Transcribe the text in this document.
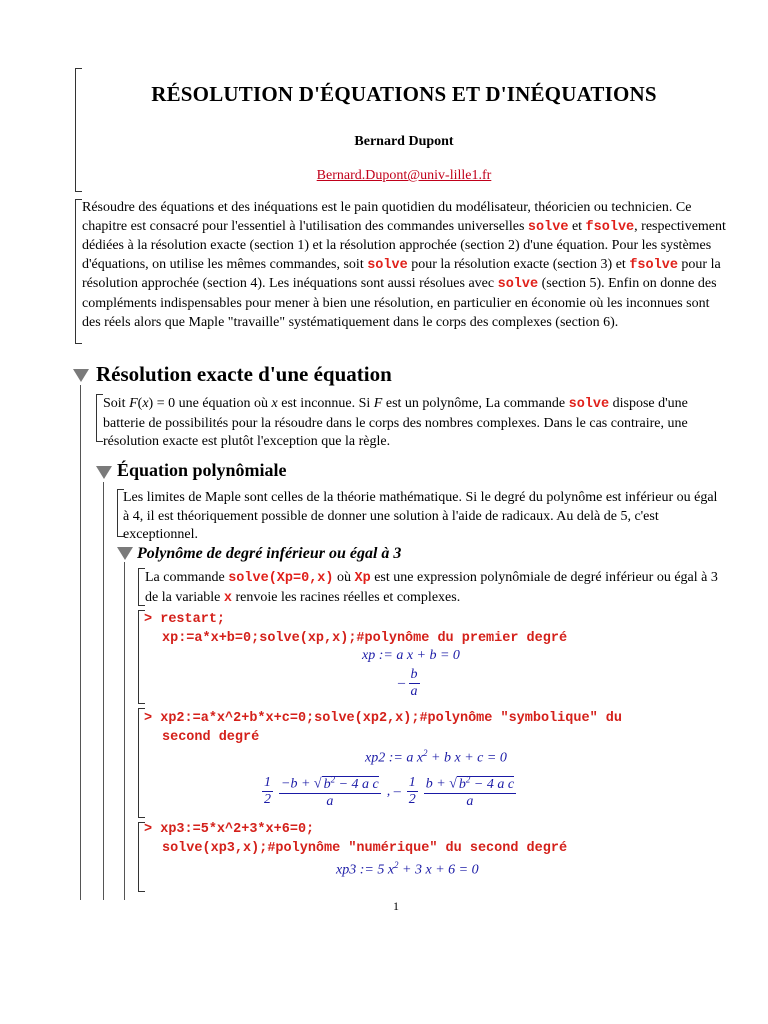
RÉSOLUTION D'ÉQUATIONS ET D'INÉQUATIONS
Bernard Dupont
Bernard.Dupont@univ-lille1.fr
Résoudre des équations et des inéquations est le pain quotidien du modélisateur, théoricien ou technicien. Ce chapitre est consacré pour l'essentiel à l'utilisation des commandes universelles solve et fsolve, respectivement dédiées à la résolution exacte (section 1) et la résolution approchée (section 2) d'une équation. Pour les systèmes d'équations, on utilise les mêmes commandes, soit solve pour la résolution exacte (section 3) et fsolve pour la résolution approchée (section 4). Les inéquations sont aussi résolues avec solve (section 5). Enfin on donne des compléments indispensables pour mener à bien une résolution, en particulier en économie où les inconnues sont des réels alors que Maple "travaille" systématiquement dans le corps des complexes (section 6).
Résolution exacte d'une équation
Soit F(x) = 0 une équation où x est inconnue. Si F est un polynôme, La commande solve dispose d'une batterie de possibilités pour la résoudre dans le corps des nombres complexes. Dans le cas contraire, une résolution exacte est plutôt l'exception que la règle.
Équation polynômiale
Les limites de Maple sont celles de la théorie mathématique. Si le degré du polynôme est inférieur ou égal à 4, il est théoriquement possible de donner une solution à l'aide de radicaux. Au delà de 5, c'est exceptionnel.
Polynôme de degré inférieur ou égal à 3
La commande solve(Xp=0,x) où Xp est une expression polynômiale de degré inférieur ou égal à 3 de la variable x renvoie les racines réelles et complexes.
> restart;
xp:=a*x+b=0;solve(xp,x);#polynôme du premier degré
xp := a x + b = 0
– $\frac{b}{a}$
> xp2:=a*x^2+b*x+c=0;solve(xp2,x);#polynôme "symbolique" du
second degré
xp2 := a $x^2 + b$ x + c = 0
$\frac{1}{2} \frac{-b + √ b^2 - 4 a c}{a}$ , – $\frac{1}{2} \frac{b + √ b^2 - 4 a c}{a}$
> xp3:=5*x^2+3*x+6=0;
solve(xp3,x);#polynôme "numérique" du second degré
xp3 := 5 $x^2 + 3$ x + 6 = 0
1
